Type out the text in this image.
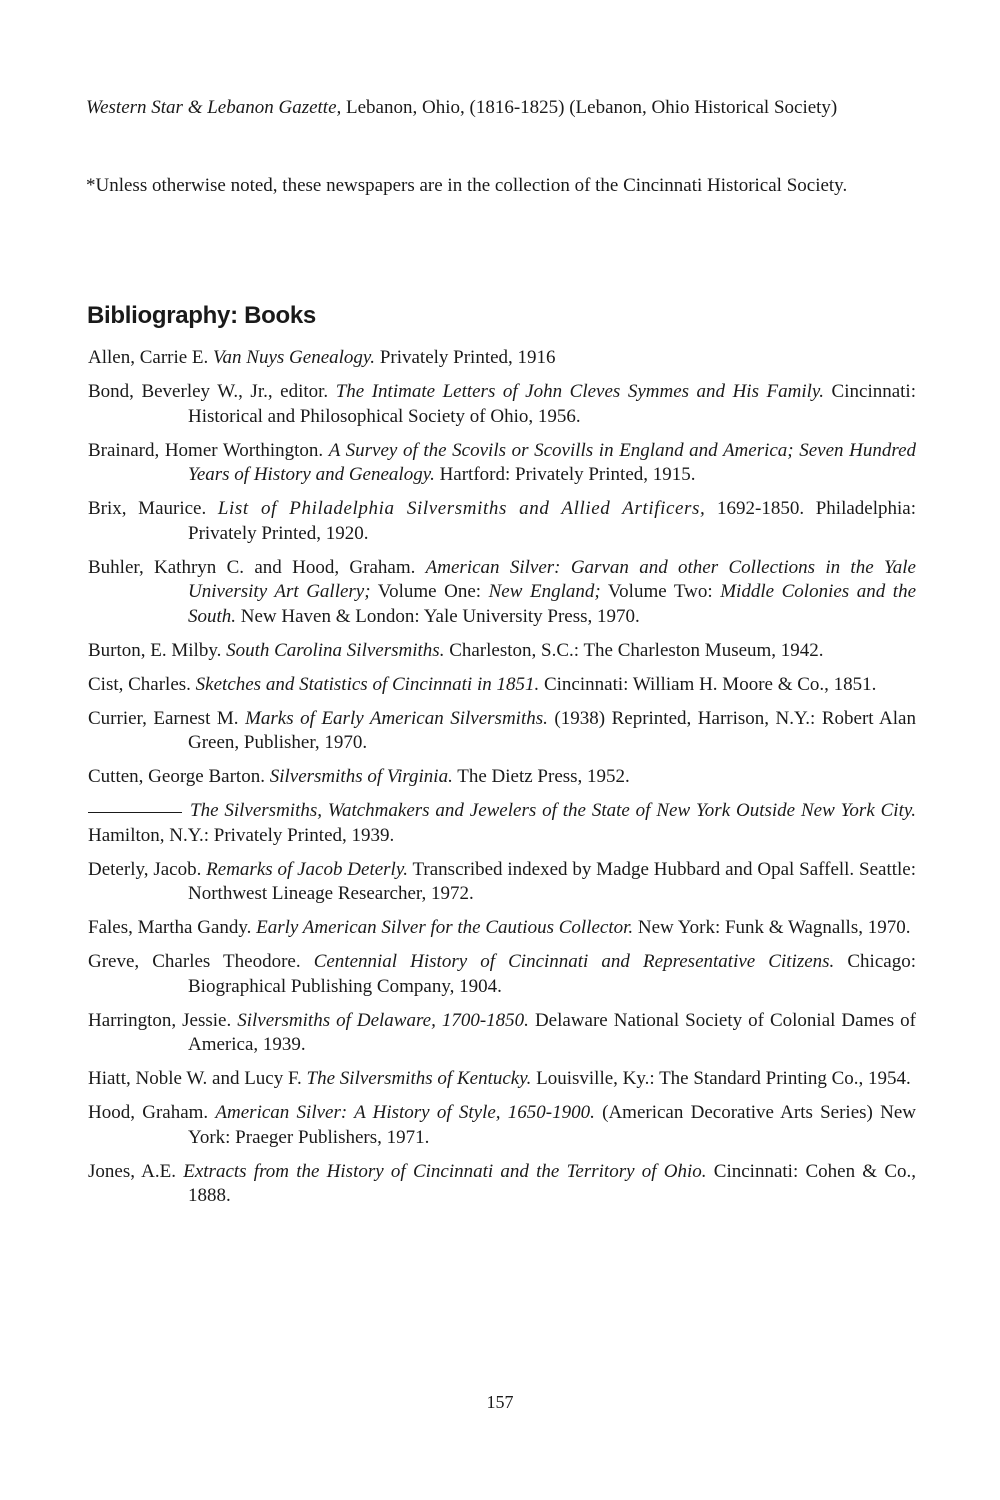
Western Star & Lebanon Gazette, Lebanon, Ohio, (1816-1825) (Lebanon, Ohio Historical Society)

*Unless otherwise noted, these newspapers are in the collection of the Cincinnati Historical Society.

Bibliography: Books
Allen, Carrie E. Van Nuys Genealogy. Privately Printed, 1916
Bond, Beverley W., Jr., editor. The Intimate Letters of John Cleves Symmes and His Family. Cincinnati: Historical and Philosophical Society of Ohio, 1956.
Brainard, Homer Worthington. A Survey of the Scovils or Scovills in England and America; Seven Hundred Years of History and Genealogy. Hartford: Privately Printed, 1915.
Brix, Maurice. List of Philadelphia Silversmiths and Allied Artificers, 1692-1850. Philadelphia: Privately Printed, 1920.
Buhler, Kathryn C. and Hood, Graham. American Silver: Garvan and other Collections in the Yale University Art Gallery; Volume One: New England; Volume Two: Middle Colonies and the South. New Haven & London: Yale University Press, 1970.
Burton, E. Milby. South Carolina Silversmiths. Charleston, S.C.: The Charleston Museum, 1942.
Cist, Charles. Sketches and Statistics of Cincinnati in 1851. Cincinnati: William H. Moore & Co., 1851.
Currier, Earnest M. Marks of Early American Silversmiths. (1938) Reprinted, Harrison, N.Y.: Robert Alan Green, Publisher, 1970.
Cutten, George Barton. Silversmiths of Virginia. The Dietz Press, 1952.
The Silversmiths, Watchmakers and Jewelers of the State of New York Outside New York City. Hamilton, N.Y.: Privately Printed, 1939.
Deterly, Jacob. Remarks of Jacob Deterly. Transcribed indexed by Madge Hubbard and Opal Saffell. Seattle: Northwest Lineage Researcher, 1972.
Fales, Martha Gandy. Early American Silver for the Cautious Collector. New York: Funk & Wagnalls, 1970.
Greve, Charles Theodore. Centennial History of Cincinnati and Representative Citizens. Chicago: Biographical Publishing Company, 1904.
Harrington, Jessie. Silversmiths of Delaware, 1700-1850. Delaware National Society of Colonial Dames of America, 1939.
Hiatt, Noble W. and Lucy F. The Silversmiths of Kentucky. Louisville, Ky.: The Standard Printing Co., 1954.
Hood, Graham. American Silver: A History of Style, 1650-1900. (American Decorative Arts Series) New York: Praeger Publishers, 1971.
Jones, A.E. Extracts from the History of Cincinnati and the Territory of Ohio. Cincinnati: Cohen & Co., 1888.
157
